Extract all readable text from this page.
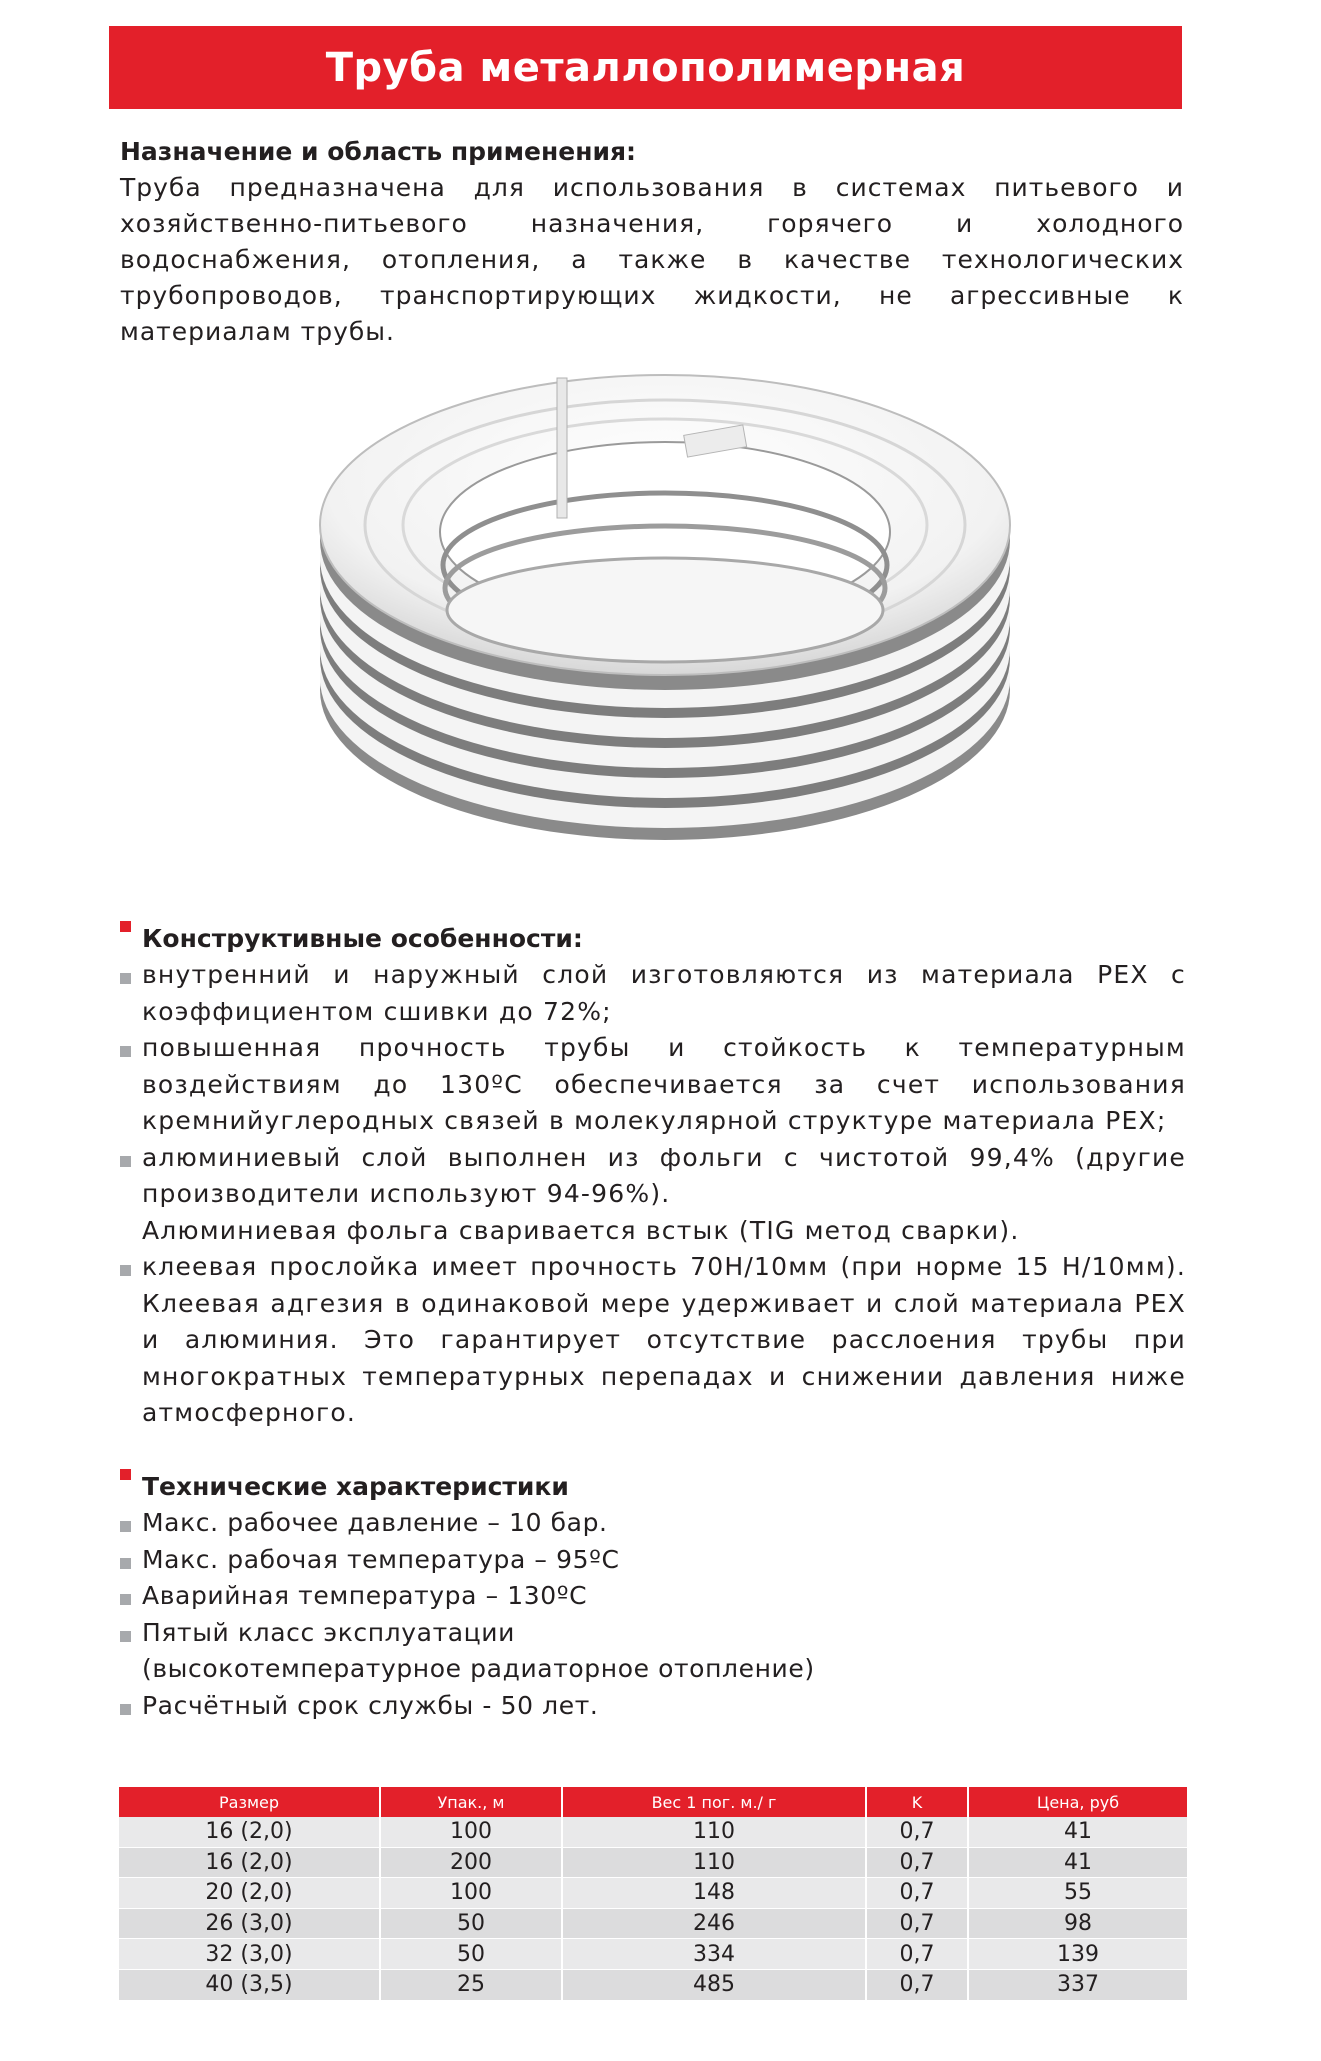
Труба металлополимерная
Назначение и область применения:
Труба предназначена для использования в системах питьевого и хозяйственно-питьевого назначения, горячего и холодного водоснабжения, отопления, а также в качестве технологических трубопроводов, транспортирующих жидкости, не агрессивные к материалам трубы.
Конструктивные особенности:
внутренний и наружный слой изготовляются из материала PEX с коэффициентом сшивки до 72%;
повышенная прочность трубы и стойкость к температурным воздействиям до 130ºC обеспечивается за счет использования кремнийуглеродных связей в молекулярной структуре материала PEX;
алюминиевый слой выполнен из фольги с чистотой 99,4% (другие производители используют 94-96%).
Алюминиевая фольга сваривается встык (TIG метод сварки).
клеевая прослойка имеет прочность 70Н/10мм (при норме 15 Н/10мм). Клеевая адгезия в одинаковой мере удерживает и слой материала PEX и алюминия. Это гарантирует отсутствие расслоения трубы при многократных температурных перепадах и снижении давления ниже атмосферного.
Технические характеристики
Макс. рабочее давление – 10 бар.
Макс. рабочая температура – 95ºC
Аварийная температура – 130ºC
Пятый класс эксплуатации
(высокотемпературное радиаторное отопление)
Расчётный срок службы - 50 лет.
Размер	Упак., м	Вес 1 пог. м./ г	K	Цена, руб
16 (2,0)	100	110	0,7	41
16 (2,0)	200	110	0,7	41
20 (2,0)	100	148	0,7	55
26 (3,0)	50	246	0,7	98
32 (3,0)	50	334	0,7	139
40 (3,5)	25	485	0,7	337
